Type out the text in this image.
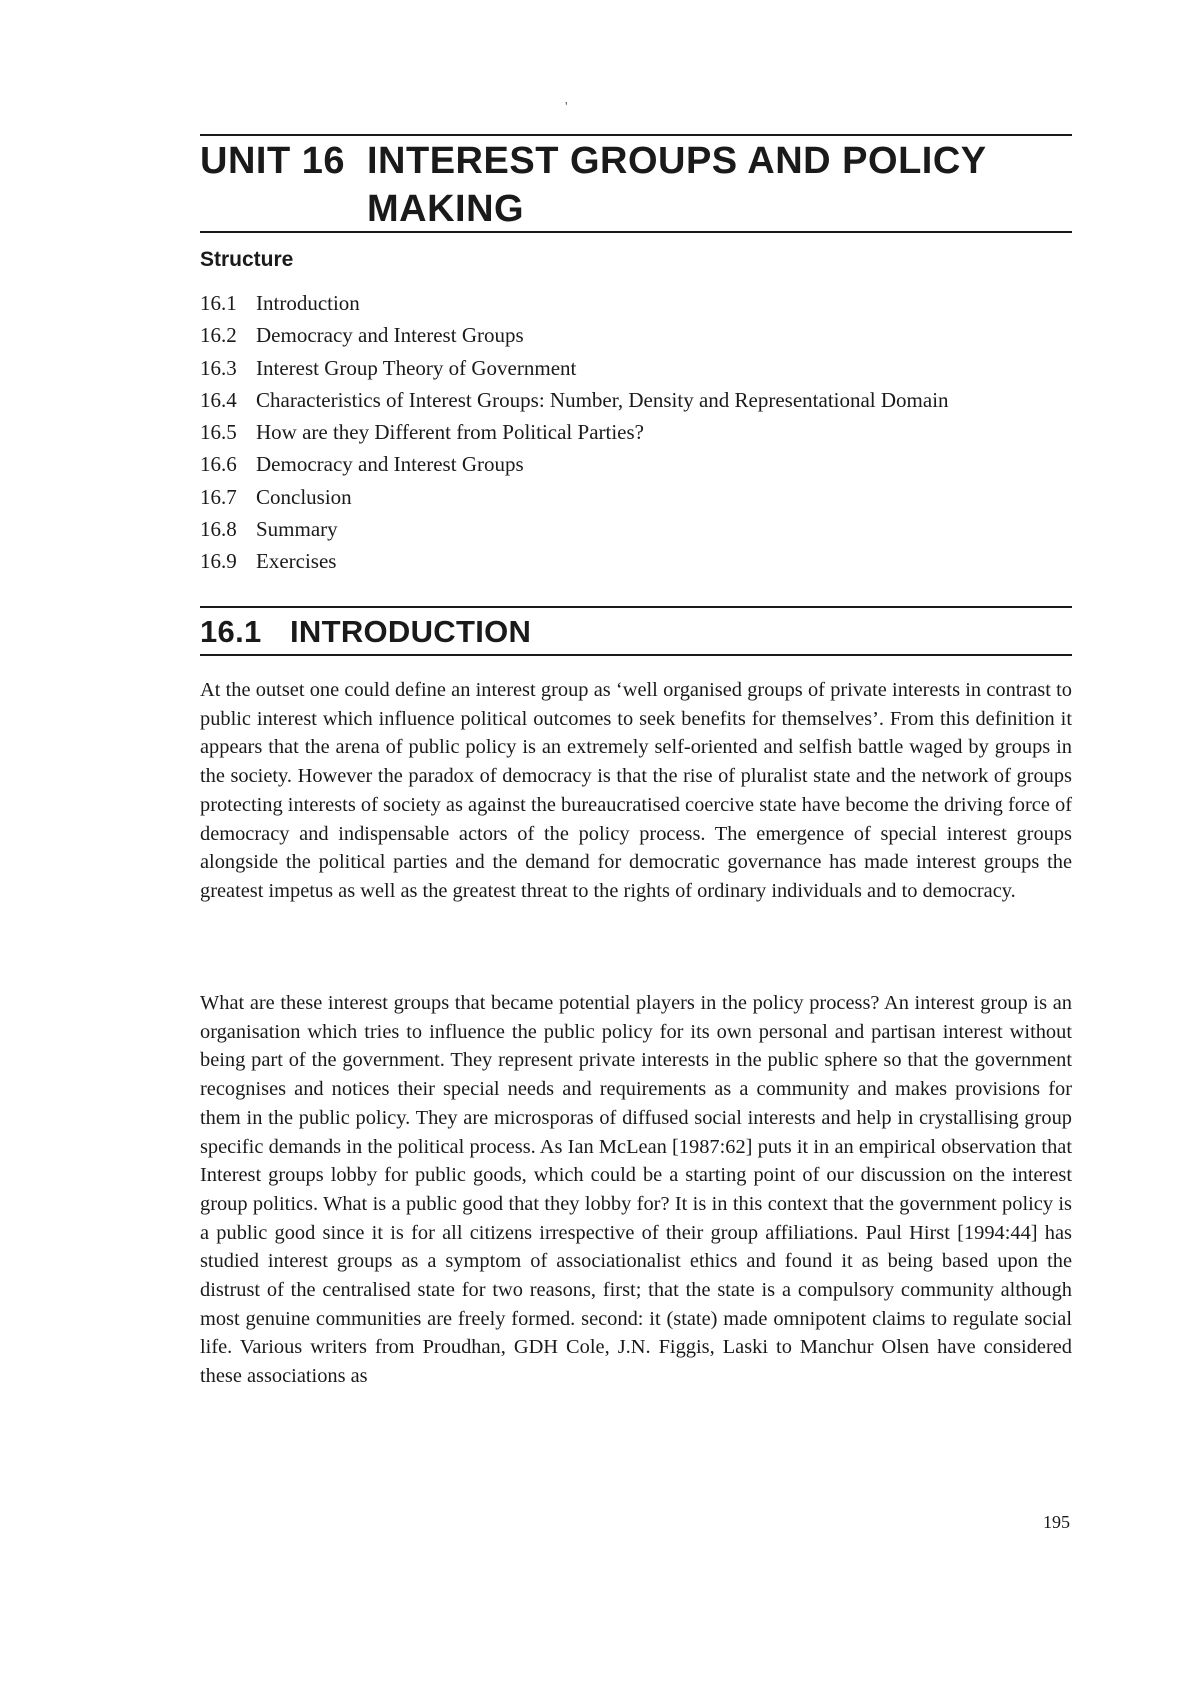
'
UNIT 16 INTEREST GROUPS AND POLICY MAKING
Structure
16.1 Introduction
16.2 Democracy and Interest Groups
16.3 Interest Group Theory of Government
16.4 Characteristics of Interest Groups: Number, Density and Representational Domain
16.5 How are they Different from Political Parties?
16.6 Democracy and Interest Groups
16.7 Conclusion
16.8 Summary
16.9 Exercises
16.1 INTRODUCTION

At the outset one could define an interest group as ‘well organised groups of private interests in contrast to public interest which influence political outcomes to seek benefits for themselves’. From this definition it appears that the arena of public policy is an extremely self-oriented and selfish battle waged by groups in the society. However the paradox of democracy is that the rise of pluralist state and the network of groups protecting interests of society as against the bureaucratised coercive state have become the driving force of democracy and indispensable actors of the policy process. The emergence of special interest groups alongside the political parties and the demand for democratic governance has made interest groups the greatest impetus as well as the greatest threat to the rights of ordinary individuals and to democracy.

What are these interest groups that became potential players in the policy process? An interest group is an organisation which tries to influence the public policy for its own personal and partisan interest without being part of the government. They represent private interests in the public sphere so that the government recognises and notices their special needs and requirements as a community and makes provisions for them in the public policy. They are microsporas of diffused social interests and help in crystallising group specific demands in the political process. As Ian McLean [1987:62] puts it in an empirical observation that Interest groups lobby for public goods, which could be a starting point of our discussion on the interest group politics. What is a public good that they lobby for? It is in this context that the government policy is a public good since it is for all citizens irrespective of their group affiliations. Paul Hirst [1994:44] has studied interest groups as a symptom of associationalist ethics and found it as being based upon the distrust of the centralised state for two reasons, first; that the state is a compulsory community although most genuine communities are freely formed. second: it (state) made omnipotent claims to regulate social life. Various writers from Proudhan, GDH Cole, J.N. Figgis, Laski to Manchur Olsen have considered these associations as

195
